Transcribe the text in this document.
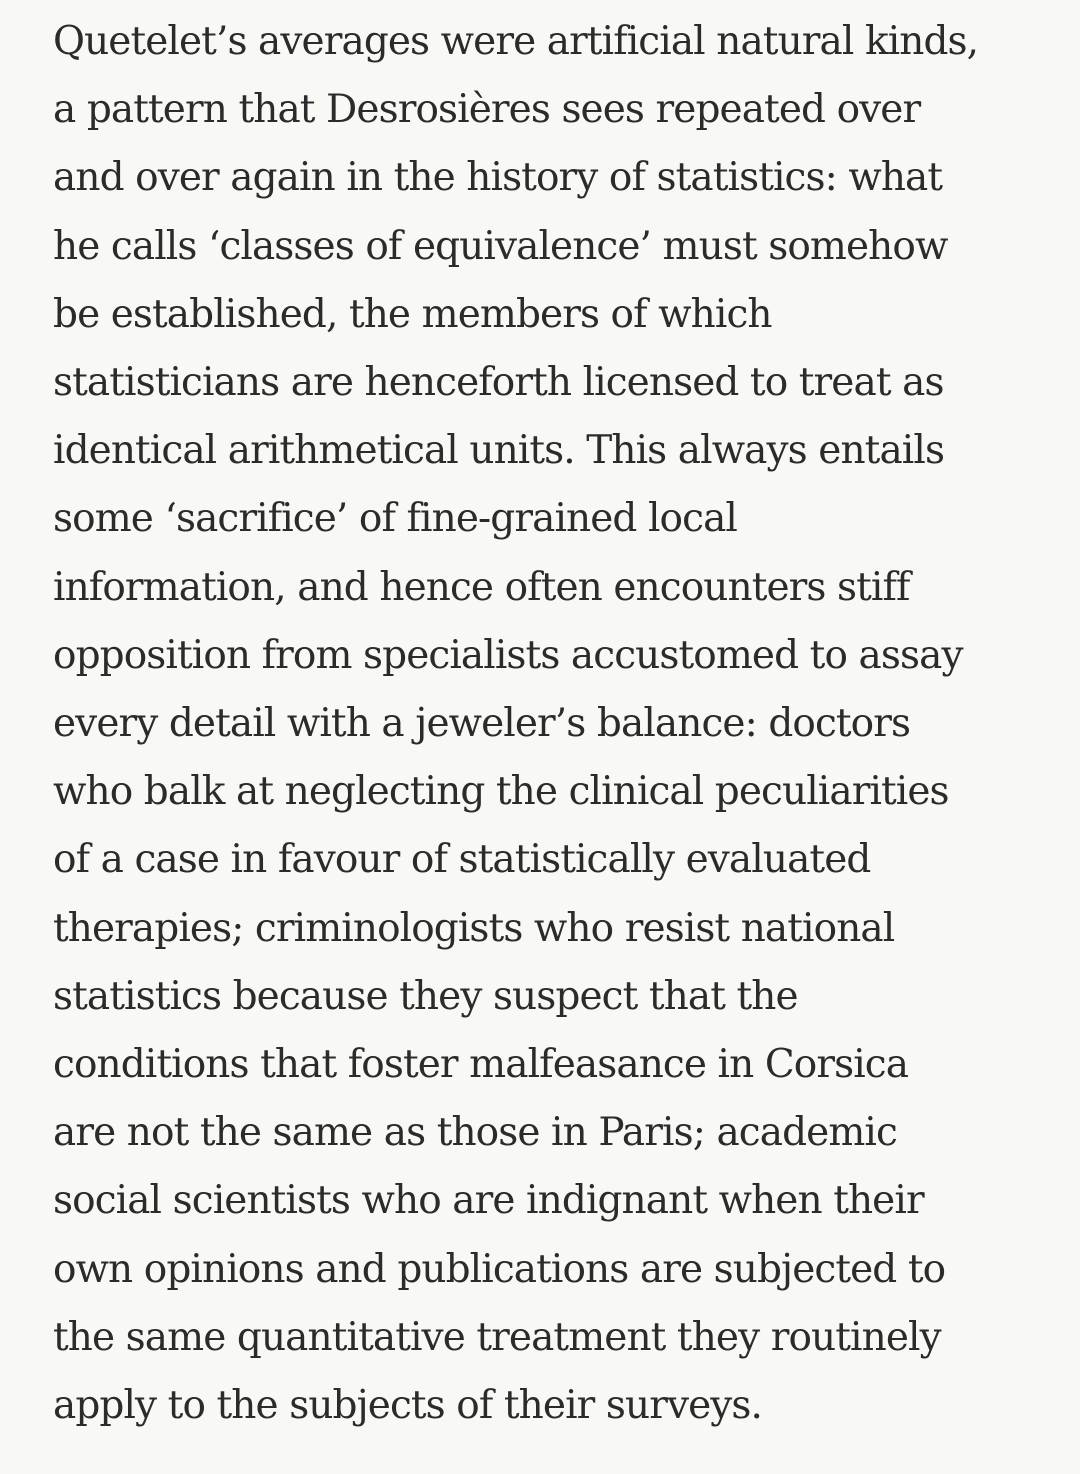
Quetelet’s averages were artificial natural kinds,
a pattern that Desrosières sees repeated over
and over again in the history of statistics: what
he calls ‘classes of equivalence’ must somehow
be established, the members of which
statisticians are henceforth licensed to treat as
identical arithmetical units. This always entails
some ‘sacrifice’ of fine-grained local
information, and hence often encounters stiff
opposition from specialists accustomed to assay
every detail with a jeweler’s balance: doctors
who balk at neglecting the clinical peculiarities
of a case in favour of statistically evaluated
therapies; criminologists who resist national
statistics because they suspect that the
conditions that foster malfeasance in Corsica
are not the same as those in Paris; academic
social scientists who are indignant when their
own opinions and publications are subjected to
the same quantitative treatment they routinely
apply to the subjects of their surveys.
